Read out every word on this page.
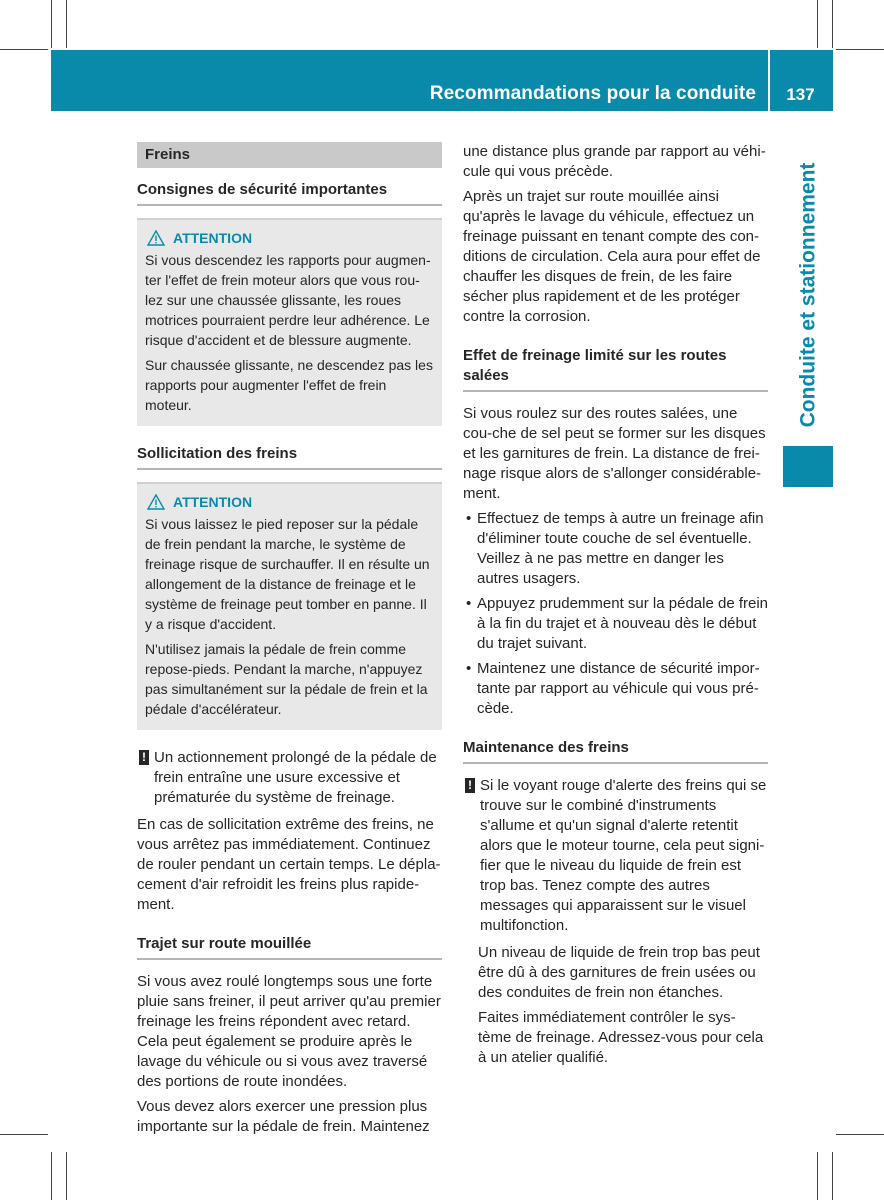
Recommandations pour la conduite	137
Conduite et stationnement
Freins
Consignes de sécurité importantes
ATTENTION

Si vous descendez les rapports pour augmen-ter l'effet de frein moteur alors que vous rou-lez sur une chaussée glissante, les roues motrices pourraient perdre leur adhérence. Le risque d'accident et de blessure augmente.

Sur chaussée glissante, ne descendez pas les rapports pour augmenter l'effet de frein moteur.

Sollicitation des freins
ATTENTION

Si vous laissez le pied reposer sur la pédale de frein pendant la marche, le système de freinage risque de surchauffer. Il en résulte un allongement de la distance de freinage et le système de freinage peut tomber en panne. Il y a risque d'accident.

N'utilisez jamais la pédale de frein comme repose-pieds. Pendant la marche, n'appuyez pas simultanément sur la pédale de frein et la pédale d'accélérateur.

! Un actionnement prolongé de la pédale de frein entraîne une usure excessive et prématurée du système de freinage.

En cas de sollicitation extrême des freins, ne vous arrêtez pas immédiatement. Continuez de rouler pendant un certain temps. Le dépla-cement d'air refroidit les freins plus rapide-ment.

Trajet sur route mouillée

Si vous avez roulé longtemps sous une forte pluie sans freiner, il peut arriver qu'au premier freinage les freins répondent avec retard. Cela peut également se produire après le lavage du véhicule ou si vous avez traversé des portions de route inondées.

Vous devez alors exercer une pression plus importante sur la pédale de frein. Maintenez

une distance plus grande par rapport au véhi-cule qui vous précède.

Après un trajet sur route mouillée ainsi qu'après le lavage du véhicule, effectuez un freinage puissant en tenant compte des con-ditions de circulation. Cela aura pour effet de chauffer les disques de frein, de les faire sécher plus rapidement et de les protéger contre la corrosion.

Effet de freinage limité sur les routes salées

Si vous roulez sur des routes salées, une cou-che de sel peut se former sur les disques et les garnitures de frein. La distance de frei-nage risque alors de s'allonger considérable-ment.

• Effectuez de temps à autre un freinage afin d'éliminer toute couche de sel éventuelle. Veillez à ne pas mettre en danger les autres usagers.
• Appuyez prudemment sur la pédale de frein à la fin du trajet et à nouveau dès le début du trajet suivant.
• Maintenez une distance de sécurité impor-tante par rapport au véhicule qui vous pré-cède.
Maintenance des freins
! Si le voyant rouge d'alerte des freins qui se trouve sur le combiné d'instruments s'allume et qu'un signal d'alerte retentit alors que le moteur tourne, cela peut signi-fier que le niveau du liquide de frein est trop bas. Tenez compte des autres messages qui apparaissent sur le visuel multifonction.

Un niveau de liquide de frein trop bas peut être dû à des garnitures de frein usées ou des conduites de frein non étanches.

Faites immédiatement contrôler le sys-tème de freinage. Adressez-vous pour cela à un atelier qualifié.
